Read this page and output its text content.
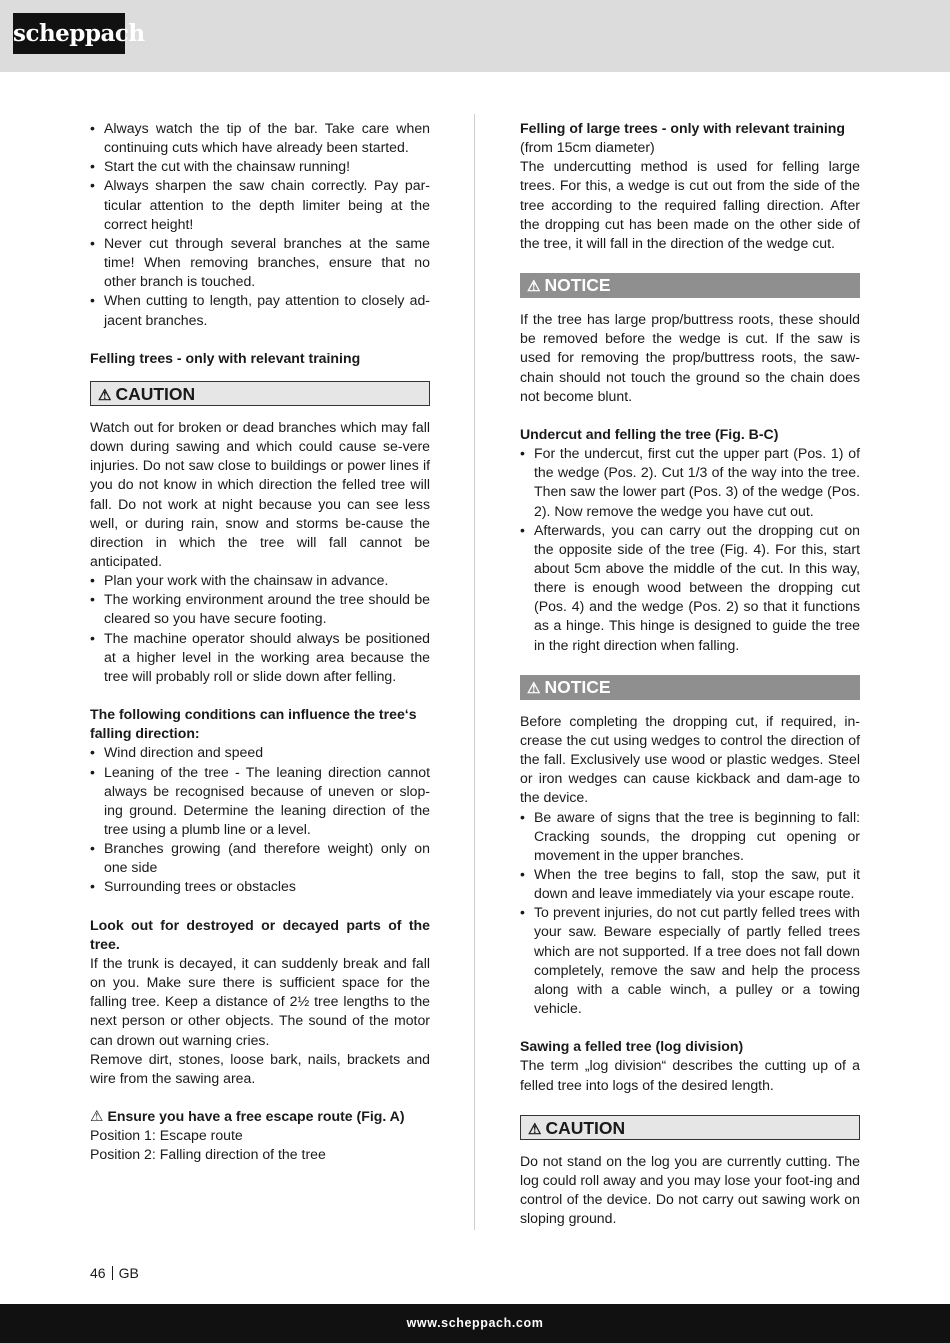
scheppach
• Always watch the tip of the bar. Take care when continuing cuts which have already been started.
• Start the cut with the chainsaw running!
• Always sharpen the saw chain correctly. Pay par-ticular attention to the depth limiter being at the correct height!
• Never cut through several branches at the same time! When removing branches, ensure that no other branch is touched.
• When cutting to length, pay attention to closely ad-jacent branches.

Felling trees - only with relevant training

⚠ CAUTION

Watch out for broken or dead branches which may fall down during sawing and which could cause se-vere injuries. Do not saw close to buildings or power lines if you do not know in which direction the felled tree will fall. Do not work at night because you can see less well, or during rain, snow and storms be-cause the direction in which the tree will fall cannot be anticipated.

• Plan your work with the chainsaw in advance.
• The working environment around the tree should be cleared so you have secure footing.
• The machine operator should always be positioned at a higher level in the working area because the tree will probably roll or slide down after felling.

The following conditions can influence the tree‘s falling direction:

• Wind direction and speed
• Leaning of the tree - The leaning direction cannot always be recognised because of uneven or slop-ing ground. Determine the leaning direction of the tree using a plumb line or a level.
• Branches growing (and therefore weight) only on one side
• Surrounding trees or obstacles

Look out for destroyed or decayed parts of the tree.

If the trunk is decayed, it can suddenly break and fall on you. Make sure there is sufficient space for the falling tree. Keep a distance of 2½ tree lengths to the next person or other objects. The sound of the motor can drown out warning cries.

Remove dirt, stones, loose bark, nails, brackets and wire from the sawing area.

⚠ Ensure you have a free escape route (Fig. A)

Position 1: Escape route

Position 2: Falling direction of the tree

Felling of large trees - only with relevant training

(from 15cm diameter)

The undercutting method is used for felling large trees. For this, a wedge is cut out from the side of the tree according to the required falling direction. After the dropping cut has been made on the other side of the tree, it will fall in the direction of the wedge cut.

⚠ NOTICE

If the tree has large prop/buttress roots, these should be removed before the wedge is cut. If the saw is used for removing the prop/buttress roots, the saw-chain should not touch the ground so the chain does not become blunt.

Undercut and felling the tree (Fig. B-C)

• For the undercut, first cut the upper part (Pos. 1) of the wedge (Pos. 2). Cut 1/3 of the way into the tree. Then saw the lower part (Pos. 3) of the wedge (Pos. 2). Now remove the wedge you have cut out.
• Afterwards, you can carry out the dropping cut on the opposite side of the tree (Fig. 4). For this, start about 5cm above the middle of the cut. In this way, there is enough wood between the dropping cut (Pos. 4) and the wedge (Pos. 2) so that it functions as a hinge. This hinge is designed to guide the tree in the right direction when falling.
⚠ NOTICE

Before completing the dropping cut, if required, in-crease the cut using wedges to control the direction of the fall. Exclusively use wood or plastic wedges. Steel or iron wedges can cause kickback and dam-age to the device.

• Be aware of signs that the tree is beginning to fall: Cracking sounds, the dropping cut opening or movement in the upper branches.
• When the tree begins to fall, stop the saw, put it down and leave immediately via your escape route.
• To prevent injuries, do not cut partly felled trees with your saw. Beware especially of partly felled trees which are not supported. If a tree does not fall down completely, remove the saw and help the process along with a cable winch, a pulley or a towing vehicle.

Sawing a felled tree (log division)

The term „log division“ describes the cutting up of a felled tree into logs of the desired length.

⚠ CAUTION

Do not stand on the log you are currently cutting. The log could roll away and you may lose your foot-ing and control of the device. Do not carry out sawing work on sloping ground.

46 GB
www.scheppach.com
